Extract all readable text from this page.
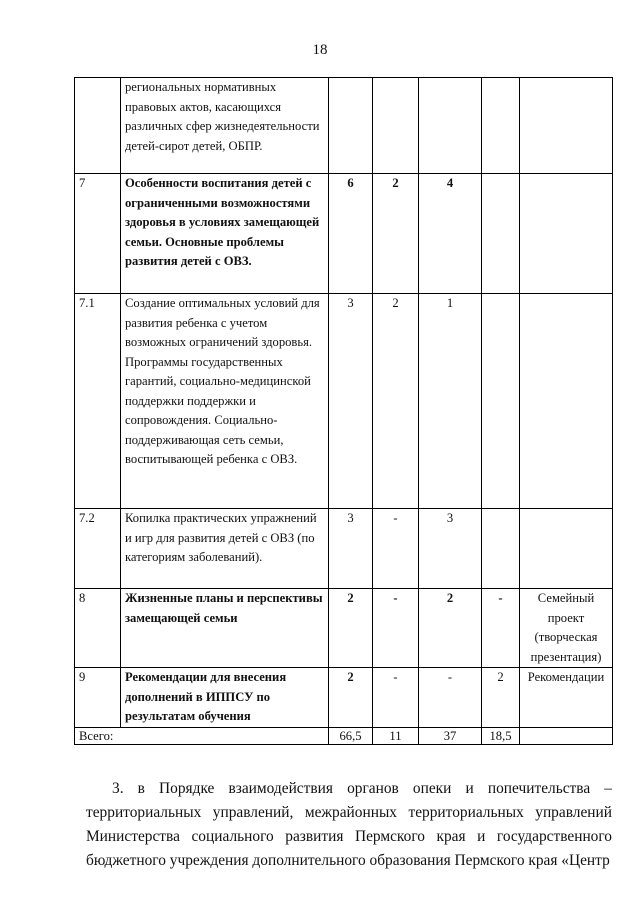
18
	региональных нормативных правовых актов, касающихся различных сфер жизнедеятельности детей-сирот детей, ОБПР.					
7	Особенности воспитания детей с ограниченными возможностями здоровья в условиях замещающей семьи. Основные проблемы развития детей с ОВЗ.	6	2	4		
7.1	Создание оптимальных условий для развития ребенка с учетом возможных ограничений здоровья. Программы государственных гарантий, социально-медицинской поддержки поддержки и сопровождения. Социально-поддерживающая сеть семьи, воспитывающей ребенка с ОВЗ.	3	2	1		
7.2	Копилка практических упражнений и игр для развития детей с ОВЗ (по категориям заболеваний).	3	-	3		
8	Жизненные планы и перспективы замещающей семьи	2	-	2	-	Семейный проект (творческая презентация)
9	Рекомендации для внесения дополнений в ИППСУ по результатам обучения	2	-	-	2	Рекомендации
Всего:		66,5	11	37	18,5	

3. в Порядке взаимодействия органов опеки и попечительства – территориальных управлений, межрайонных территориальных управлений Министерства социального развития Пермского края и государственного бюджетного учреждения дополнительного образования Пермского края «Центр
